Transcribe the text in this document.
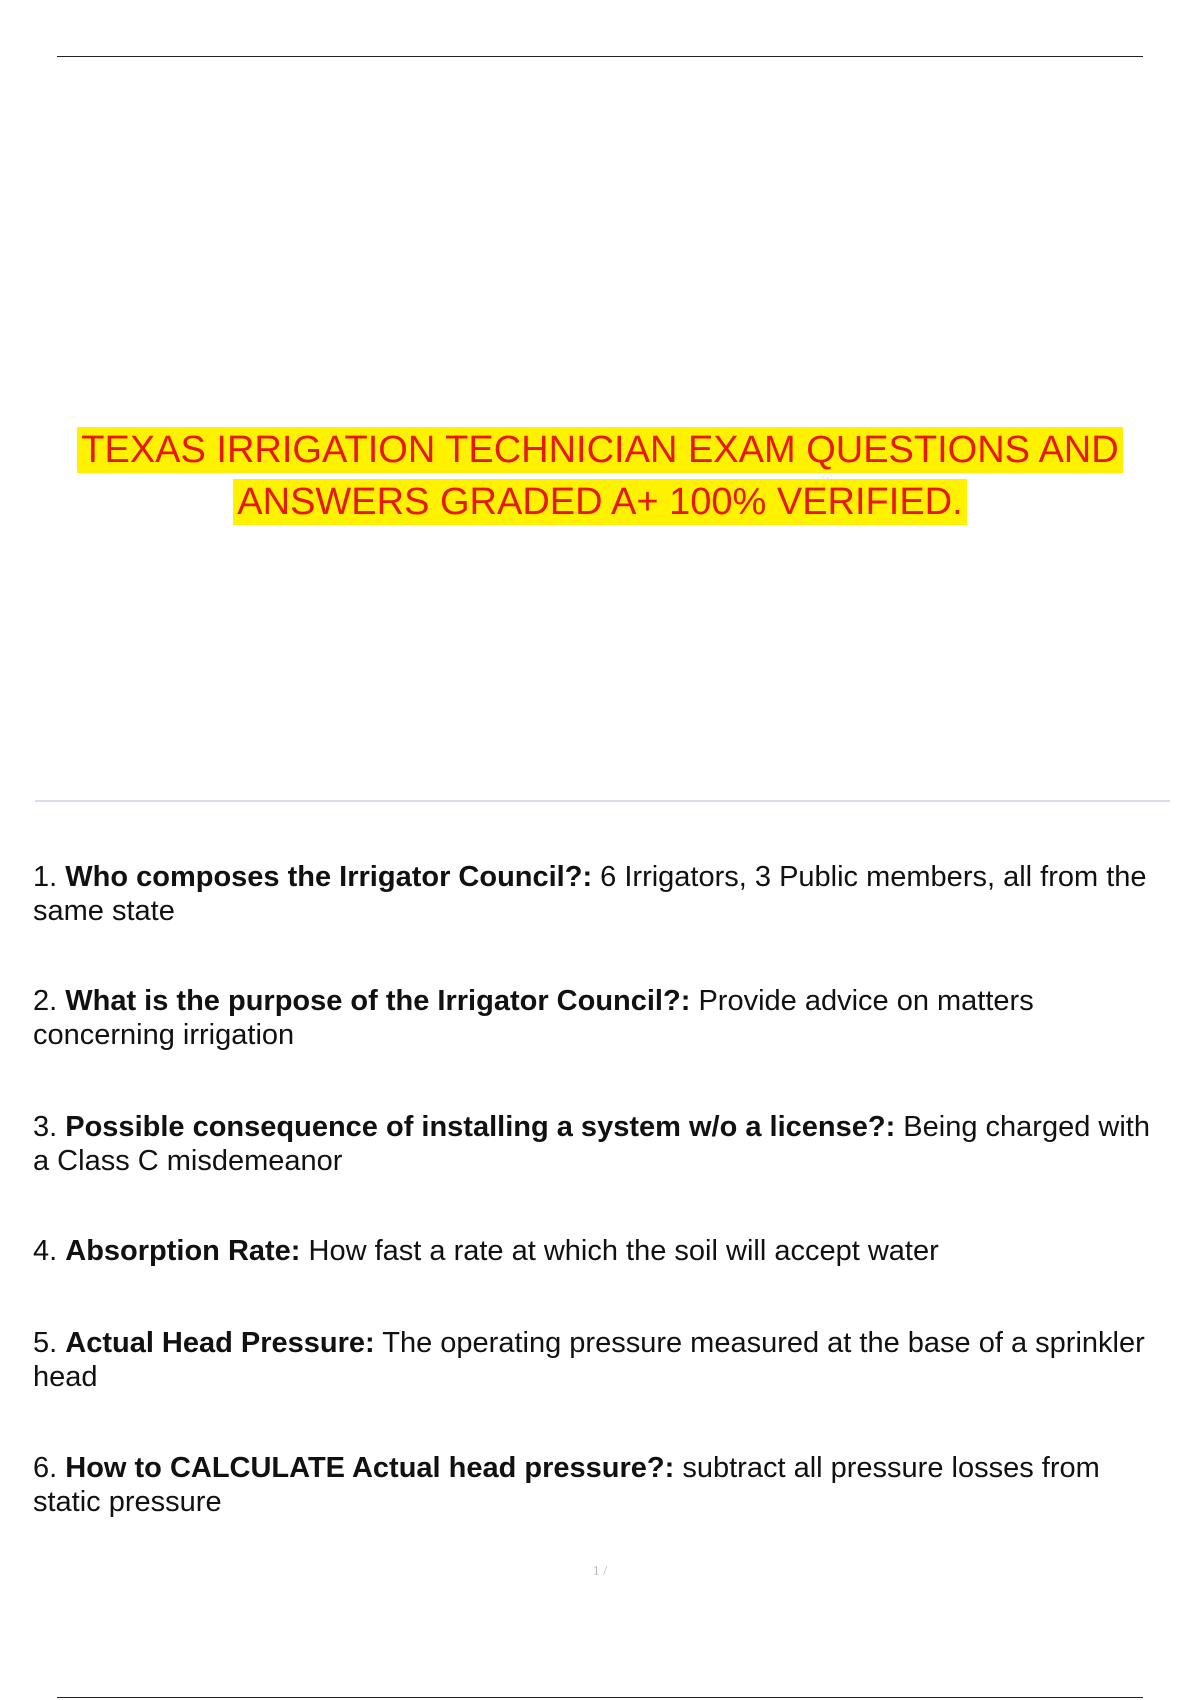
TEXAS IRRIGATION TECHNICIAN EXAM QUESTIONS AND
ANSWERS GRADED A+ 100% VERIFIED.

1. Who composes the Irrigator Council?: 6 Irrigators, 3 Public members, all from the same state

2. What is the purpose of the Irrigator Council?: Provide advice on matters concerning irrigation

3. Possible consequence of installing a system w/o a license?: Being charged with a Class C misdemeanor

4. Absorption Rate: How fast a rate at which the soil will accept water

5. Actual Head Pressure: The operating pressure measured at the base of a sprinkler head

6. How to CALCULATE Actual head pressure?: subtract all pressure losses from static pressure

1 /
